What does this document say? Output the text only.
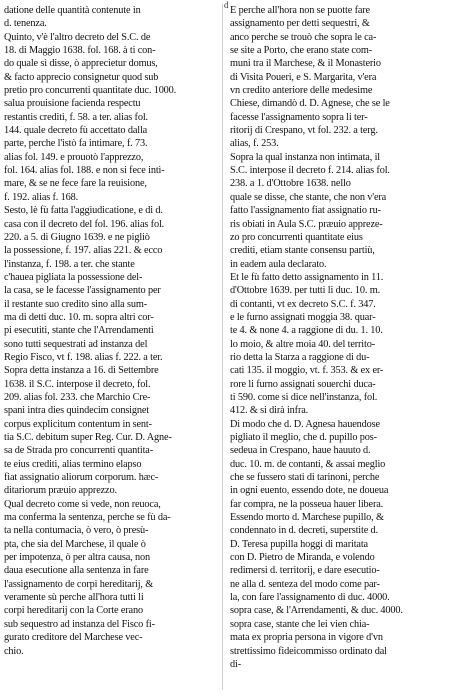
d
datione delle quantità contenute in
d. tenenza.
Quinto, v'è l'altro decreto del S.C. de
18. di Maggio 1638. fol. 168. à ti con-
do quale sì disse, ò apprecietur domus,
& facto apprecio consignetur quod sub
pretio pro concurrenti quantitate duc. 1000.
salua prouisione facienda respectu
restantis crediti, f. 58. a ter. alias fol.
144. quale decreto fù accettato dalla
parte, perche l'istò fa intimare, f. 73.
alias fol. 149. e prouotò l'apprezzo,
fol. 164. alias fol. 188. e non si fece intì-
mare, & se ne fece fare la reuisione,
f. 192. alias f. 168.
Sesto, lè fù fatta l'aggiudicatione, e di d.
casa con il decreto del fol. 196. alias fol.
220. a 5. di Giugno 1639. e ne pigliò
la possessione, f. 197. alias 221. & ecco
l'instanza, f. 198. a ter. che stante
c'hauea pigliata la possessione del-
la casa, se le facesse l'assignamento per
il restante suo credito sino alla sum-
ma di detti duc. 10. m. sopra altri cor-
pi esecutiti, stante che l'Arrendamenti
sono tutti sequestrati ad instanza del
Regio Fisco, vt f. 198. alias f. 222. a ter.
Sopra detta instanza a 16. di Settembre
1638. il S.C. interpose il decreto, fol.
209. alias fol. 233. che Marchio Cre-
spani intra dies quindecim consignet
corpus explicitum contentum in sent-
tia S.C. debitum super Reg. Cur. D. Agne-
sa de Strada pro concurrenti quantita-
te eius crediti, alias termino elapso
fiat assignatio aliorum corporum. hæc-
ditariorum præuio apprezzo.
Qual decreto come si vede, non reuoca,
ma conferma la sentenza, perche se fù da-
ta nella contumacia, ò vero, ò presù-
pta, che sia del Marchese, il quale ò
per impotenza, ò per altra causa, non
daua esecutione alla sentenza in fare
l'assignamento de corpi hereditarij, &
veramente sù perche all'hora tutti li
corpi hereditarij con la Corte erano
sub sequestro ad instanza del Fisco fi-
gurato creditore del Marchese vec-
chio.
E perche all'hora non se puotte fare
assignamento per detti sequestri, &
anco perche se trouò che sopra le ca-
se site a Porto, che erano state com-
muni tra il Marchese, & il Monasterio
di Visita Poueri, e S. Margarita, v'era
vn credito anteriore delle medesime
Chiese, dimandò d. D. Agnese, che se le
facesse l'assignamento sopra li ter-
ritorij di Crespano, vt fol. 232. a terg.
alias, f. 253.
Sopra la qual instanza non intimata, il
S.C. interpose il decreto f. 214. alias fol.
238. a 1. d'Ottobre 1638. nello
quale se disse, che stante, che non v'era
fatto l'assignamento fiat assignatio ru-
ris obiati in Aula S.C. præuio appreze-
zo pro concurrenti quantitate eius
crediti, etiam stante consensu partiù,
in eadem aula declarato.
Et le fù fatto detto assignamento in 11.
d'Ottobre 1639. per tutti li duc. 10. m.
di contanti, vt ex decreto S.C. f. 347.
e le furno assignati moggia 38. quar-
te 4. & none 4. a raggione di du. 1. 10.
lo moio, & altre moia 40. del territo-
rio detta la Starza a raggione di du-
cati 135. il moggio, vt. f. 353. & ex er-
rore li furno assignati souerchi duca-
ti 590. come si dice nell'instanza, fol.
412. & si dirà infra.
Di modo che d. D. Agnesa hauendose
pigliato il meglio, che d. pupillo pos-
sedeua in Crespano, haue hauuto d.
duc. 10. m. de contanti, & assai meglio
che se fussero stati di tarinoni, perche
in ogni euento, essendo dote, ne doueua
far compra, ne la posseua hauer libera.
Essendo morto d. Marchese pupillo, &
condennato in d. decreti, superstite d.
D. Teresa pupilla hoggi di maritata
con D. Pietro de Miranda, e volendo
redimersi d. territorij, e dare esecutio-
ne alla d. senteza del modo come par-
la, con fare l'assignamento di duc. 4000.
sopra case, & l'Arrendamenti, & duc. 4000.
sopra case, stante che lei vien chia-
mata ex propria persona in vigore d'vn
strettissimo fideicommisso ordinato dal
di-
